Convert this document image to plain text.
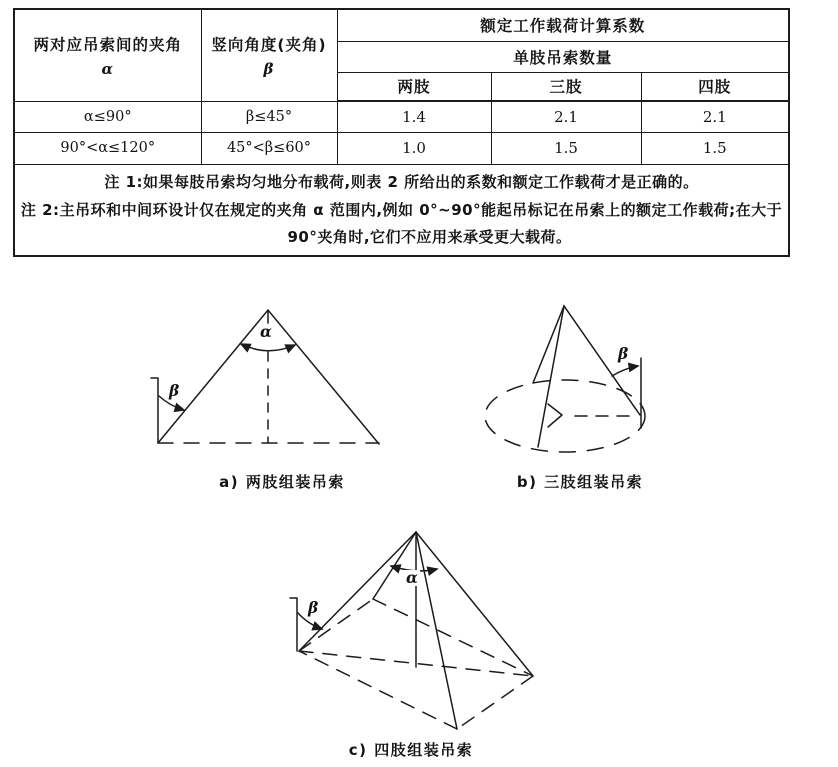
两对应吊索间的夹角
α

竖向角度(夹角)
β
	额定工作载荷计算系数
		单肢吊索数量		
		两肢	三肢	四肢
α≤90°	β≤45°	1.4	2.1	2.1
90°<α≤120°	45°<β≤60°	1.0	1.5	1.5

注 1:如果每肢吊索均匀地分布载荷,则表 2 所给出的系数和额定工作载荷才是正确的。
注 2:主吊环和中间环设计仅在规定的夹角 α 范围内,例如 0°~90°能起吊标记在吊索上的额定工作载荷;在大于 90°夹角时,它们不应用来承受更大载荷。				
α
β
β
α
β
a) 两肢组装吊索	b) 三肢组装吊索
c) 四肢组装吊索
